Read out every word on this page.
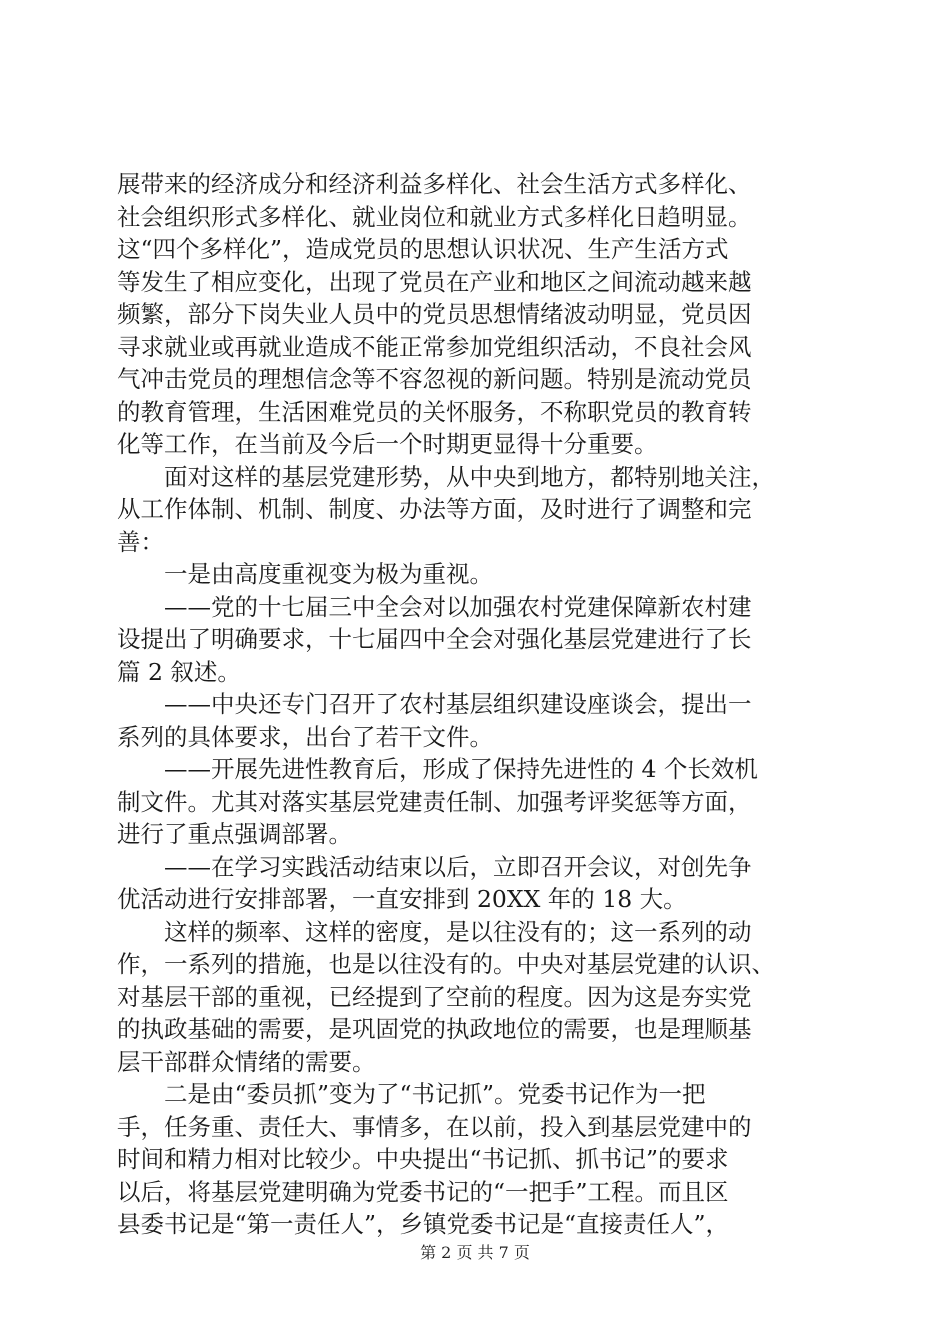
展带来的经济成分和经济利益多样化、社会生活方式多样化、
社会组织形式多样化、就业岗位和就业方式多样化日趋明显。
这“四个多样化”，造成党员的思想认识状况、生产生活方式
等发生了相应变化，出现了党员在产业和地区之间流动越来越
频繁，部分下岗失业人员中的党员思想情绪波动明显，党员因
寻求就业或再就业造成不能正常参加党组织活动，不良社会风
气冲击党员的理想信念等不容忽视的新问题。特别是流动党员
的教育管理，生活困难党员的关怀服务，不称职党员的教育转
化等工作，在当前及今后一个时期更显得十分重要。
　　面对这样的基层党建形势，从中央到地方，都特别地关注，
从工作体制、机制、制度、办法等方面，及时进行了调整和完
善：
　　一是由高度重视变为极为重视。
　　——党的十七届三中全会对以加强农村党建保障新农村建
设提出了明确要求，十七届四中全会对强化基层党建进行了长
篇 2 叙述。
　　——中央还专门召开了农村基层组织建设座谈会，提出一
系列的具体要求，出台了若干文件。
　　——开展先进性教育后，形成了保持先进性的 4 个长效机
制文件。尤其对落实基层党建责任制、加强考评奖惩等方面，
进行了重点强调部署。
　　——在学习实践活动结束以后，立即召开会议，对创先争
优活动进行安排部署，一直安排到 20XX 年的 18 大。
　　这样的频率、这样的密度，是以往没有的；这一系列的动
作，一系列的措施，也是以往没有的。中央对基层党建的认识、
对基层干部的重视，已经提到了空前的程度。因为这是夯实党
的执政基础的需要，是巩固党的执政地位的需要，也是理顺基
层干部群众情绪的需要。
　　二是由“委员抓”变为了“书记抓”。党委书记作为一把
手，任务重、责任大、事情多，在以前，投入到基层党建中的
时间和精力相对比较少。中央提出“书记抓、抓书记”的要求
以后，将基层党建明确为党委书记的“一把手”工程。而且区
县委书记是“第一责任人”，乡镇党委书记是“直接责任人”，
第 2 页 共 7 页
